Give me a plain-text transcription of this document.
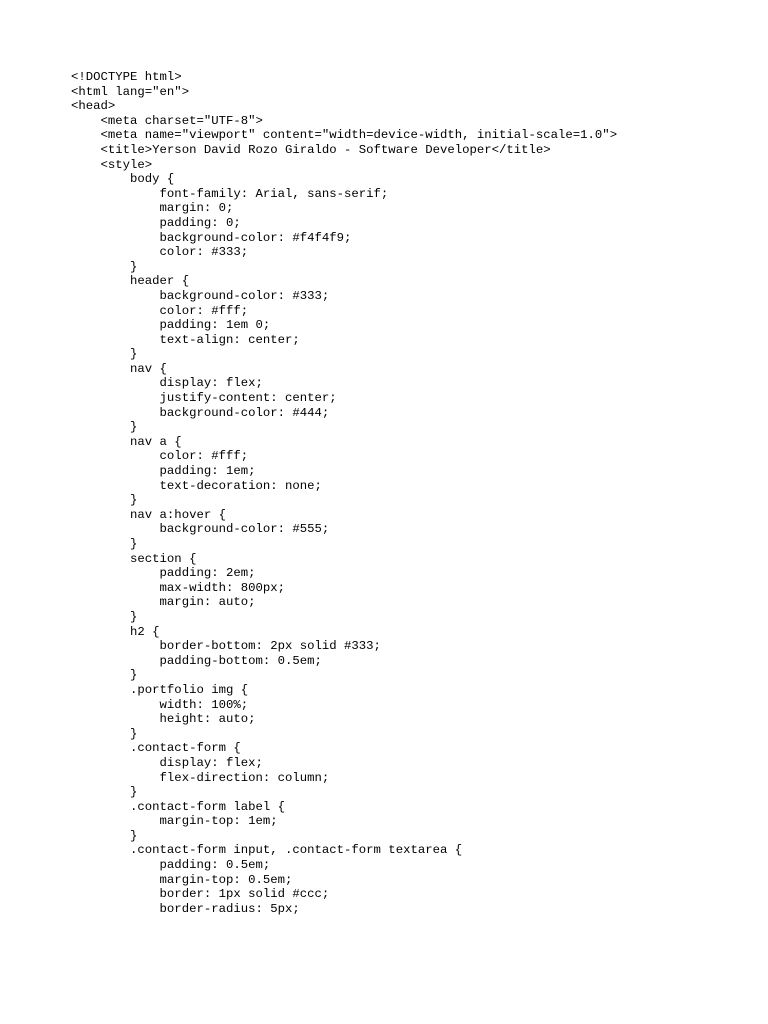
<!DOCTYPE html>
<html lang="en">
<head>
<meta charset="UTF-8">
<meta name="viewport" content="width=device-width, initial-scale=1.0">
<title>Yerson David Rozo Giraldo - Software Developer</title>
<style>
body {
font-family: Arial, sans-serif;
margin: 0;
padding: 0;
background-color: #f4f4f9;
color: #333;
}
header {
background-color: #333;
color: #fff;
padding: 1em 0;
text-align: center;
}
nav {
display: flex;
justify-content: center;
background-color: #444;
}
nav a {
color: #fff;
padding: 1em;
text-decoration: none;
}
nav a:hover {
background-color: #555;
}
section {
padding: 2em;
max-width: 800px;
margin: auto;
}
h2 {
border-bottom: 2px solid #333;
padding-bottom: 0.5em;
}
.portfolio img {
width: 100%;
height: auto;
}
.contact-form {
display: flex;
flex-direction: column;
}
.contact-form label {
margin-top: 1em;
}
.contact-form input, .contact-form textarea {
padding: 0.5em;
margin-top: 0.5em;
border: 1px solid #ccc;
border-radius: 5px;
